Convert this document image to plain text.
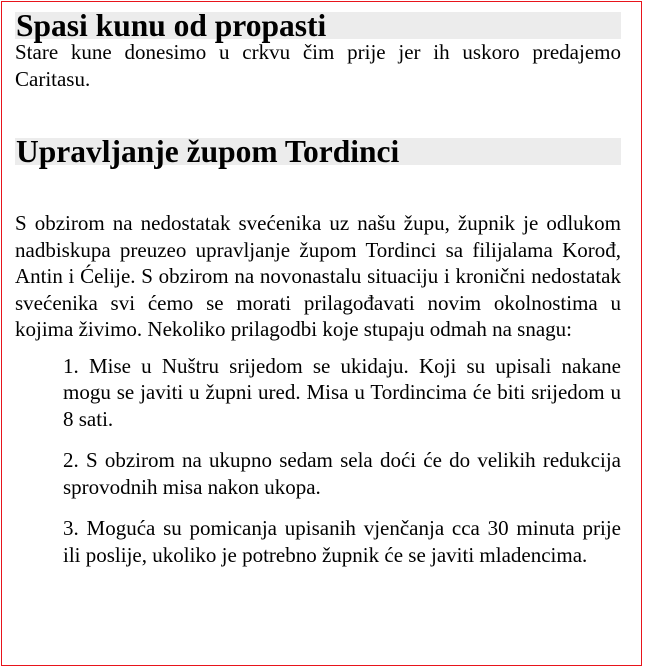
Spasi kunu od propasti

Stare kune donesimo u crkvu čim prije jer ih uskoro predajemo Caritasu.

Upravljanje župom Tordinci

S obzirom na nedostatak svećenika uz našu župu, župnik je odlukom nadbiskupa preuzeo upravljanje župom Tordinci sa filijalama Korođ, Antin i Ćelije. S obzirom na novonastalu situaciju i kronični nedostatak svećenika svi ćemo se morati prilagođavati novim okolnostima u kojima živimo. Nekoliko prilagodbi koje stupaju odmah na snagu:

1. Mise u Nuštru srijedom se ukidaju. Koji su upisali nakane mogu se javiti u župni ured. Misa u Tordincima će biti srijedom u 8 sati.
2. S obzirom na ukupno sedam sela doći će do velikih redukcija sprovodnih misa nakon ukopa.
3. Moguća su pomicanja upisanih vjenčanja cca 30 minuta prije ili poslije, ukoliko je potrebno župnik će se javiti mladencima.
